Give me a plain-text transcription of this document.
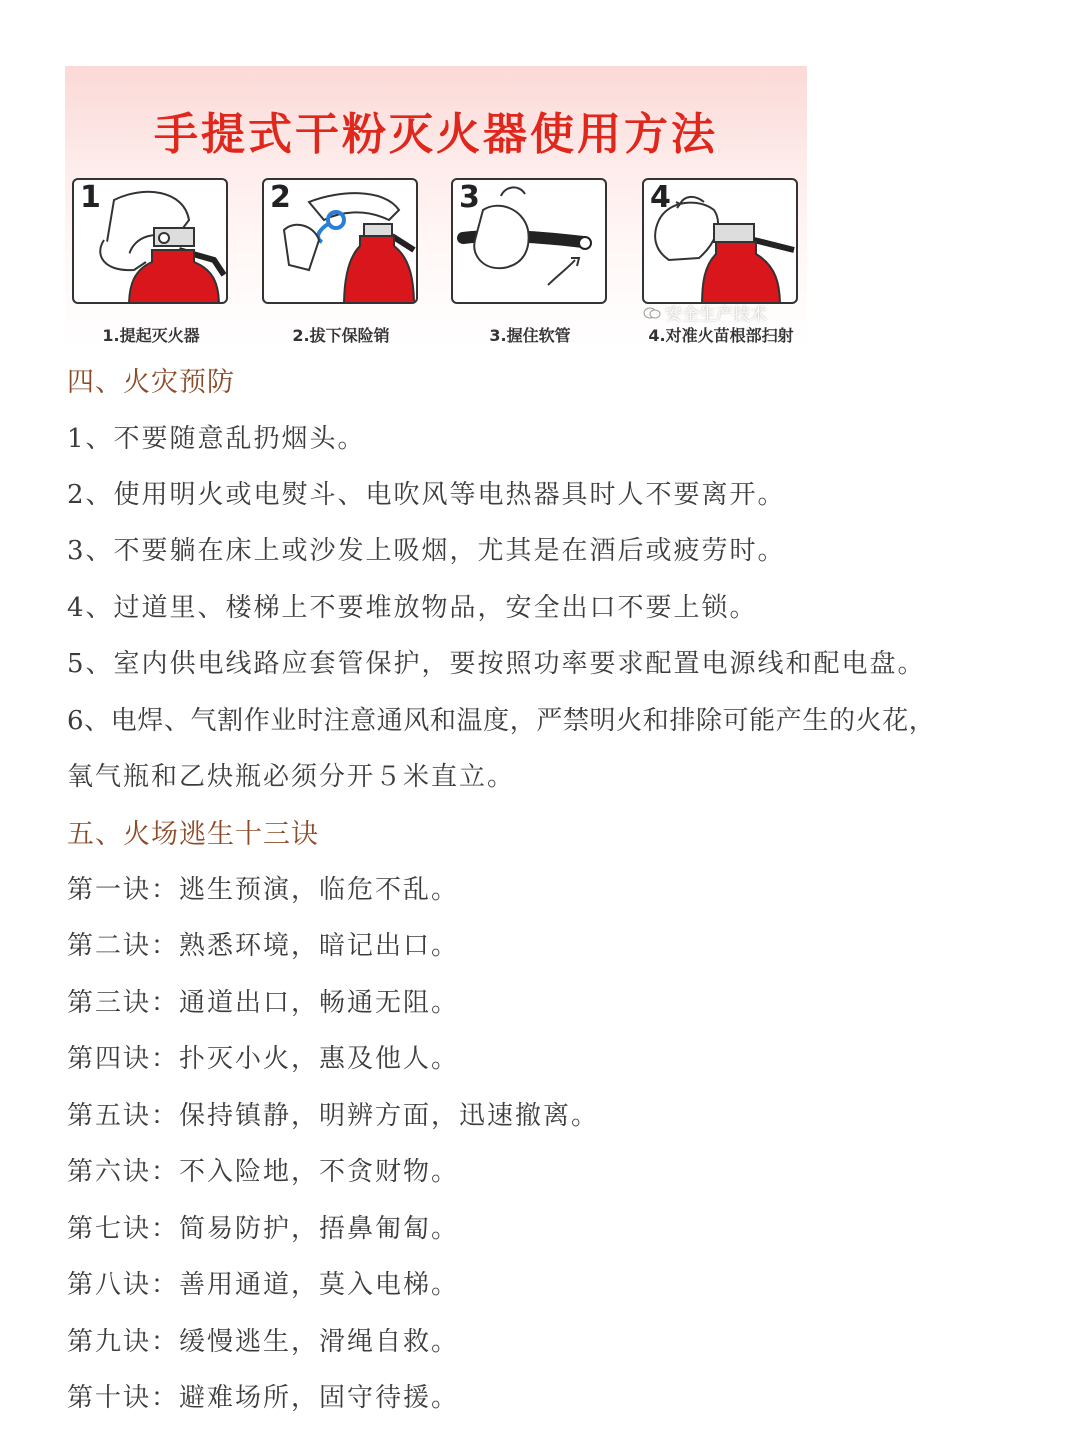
手提式干粉灭火器使用方法
1	2	3	4
安全生产技术
1.提起灭火器	2.拔下保险销	3.握住软管	4.对准火苗根部扫射
四、火灾预防
1、不要随意乱扔烟头。
2、使用明火或电熨斗、电吹风等电热器具时人不要离开。
3、不要躺在床上或沙发上吸烟，尤其是在酒后或疲劳时。
4、过道里、楼梯上不要堆放物品，安全出口不要上锁。
5、室内供电线路应套管保护，要按照功率要求配置电源线和配电盘。
6、电焊、气割作业时注意通风和温度，严禁明火和排除可能产生的火花，
氧气瓶和乙炔瓶必须分开５米直立。
五、火场逃生十三诀
第一诀：逃生预演，临危不乱。
第二诀：熟悉环境，暗记出口。
第三诀：通道出口，畅通无阻。
第四诀：扑灭小火，惠及他人。
第五诀：保持镇静，明辨方面，迅速撤离。
第六诀：不入险地，不贪财物。
第七诀：简易防护，捂鼻匍匐。
第八诀：善用通道，莫入电梯。
第九诀：缓慢逃生，滑绳自救。
第十诀：避难场所，固守待援。
